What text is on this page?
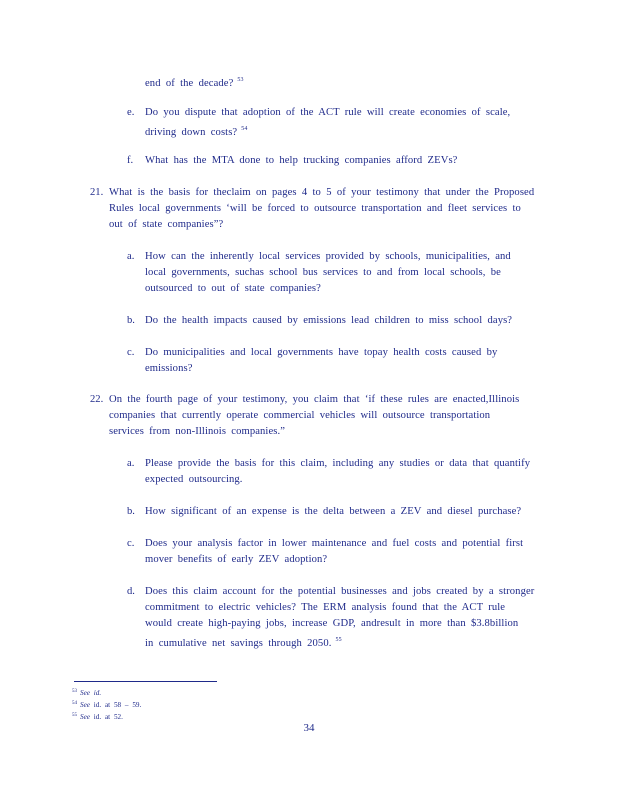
end of the decade? $^{53}$
e. Do you dispute that adoption of the ACT rule will create economies of scale,
driving down costs? $^{54}$
f. What has the MTA done to help trucking companies afford ZEVs?
21. What is the basis for theclaim on pages 4 to 5 of your testimony that under the Proposed
Rules local governments ‘will be forced to outsource transportation and fleet services to
out of state companies”?
a. How can the inherently local services provided by schools, municipalities, and
local governments, suchas school bus services to and from local schools, be
outsourced to out of state companies?
b. Do the health impacts caused by emissions lead children to miss school days?
c. Do municipalities and local governments have topay health costs caused by
emissions?
22. On the fourth page of your testimony, you claim that ‘if these rules are enacted,Illinois
companies that currently operate commercial vehicles will outsource transportation
services from non-Illinois companies.”
a. Please provide the basis for this claim, including any studies or data that quantify
expected outsourcing.
b. How significant of an expense is the delta between a ZEV and diesel purchase?
c. Does your analysis factor in lower maintenance and fuel costs and potential first
mover benefits of early ZEV adoption?
d. Does this claim account for the potential businesses and jobs created by a stronger
commitment to electric vehicles? The ERM analysis found that the ACT rule
would create high-paying jobs, increase GDP, andresult in more than $3.8billion
in cumulative net savings through 2050. $^{55}$
$^{53}$ See id.
$^{54}$ See id. at 58 – 59.
$^{55}$ See id. at 52.
34
